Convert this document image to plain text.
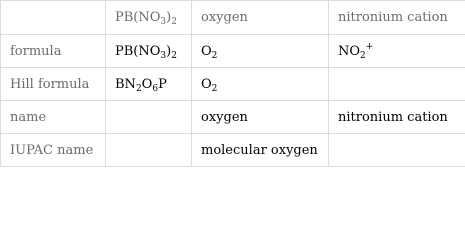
	$PB(NO_3)_2$	oxygen	nitronium cation
formula	$PB(NO_3)_2$	$O_2$	$NO_2^+$
Hill formula	$BN_2O_6P$	$O_2$	
name		oxygen	nitronium cation
IUPAC name		molecular oxygen	
